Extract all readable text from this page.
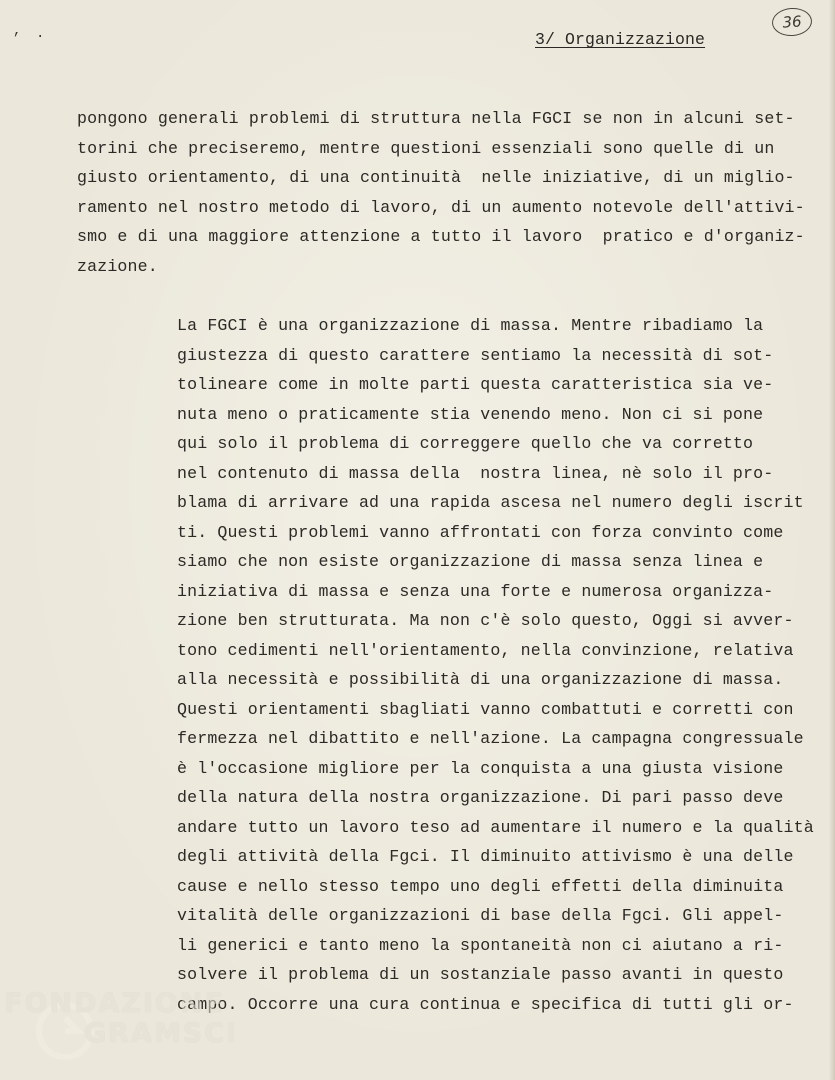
, ·	3/ Organizzazione
36
pongono generali problemi di struttura nella FGCI se non in alcuni set-
torini che preciseremo, mentre questioni essenziali sono quelle di un
giusto orientamento, di una continuità  nelle iniziative, di un miglio-
ramento nel nostro metodo di lavoro, di un aumento notevole dell'attivi-
smo e di una maggiore attenzione a tutto il lavoro  pratico e d'organiz-
zazione.
La FGCI è una organizzazione di massa. Mentre ribadiamo la
giustezza di questo carattere sentiamo la necessità di sot-
tolineare come in molte parti questa caratteristica sia ve-
nuta meno o praticamente stia venendo meno. Non ci si pone
qui solo il problema di correggere quello che va corretto
nel contenuto di massa della  nostra linea, nè solo il pro-
blama di arrivare ad una rapida ascesa nel numero degli iscrit
ti. Questi problemi vanno affrontati con forza convinto come
siamo che non esiste organizzazione di massa senza linea e
iniziativa di massa e senza una forte e numerosa organizza-
zione ben strutturata. Ma non c'è solo questo, Oggi si avver-
tono cedimenti nell'orientamento, nella convinzione, relativa
alla necessità e possibilità di una organizzazione di massa.
Questi orientamenti sbagliati vanno combattuti e corretti con
fermezza nel dibattito e nell'azione. La campagna congressuale
è l'occasione migliore per la conquista a una giusta visione
della natura della nostra organizzazione. Di pari passo deve
andare tutto un lavoro teso ad aumentare il numero e la qualità
degli attività della Fgci. Il diminuito attivismo è una delle
cause e nello stesso tempo uno degli effetti della diminuita
vitalità delle organizzazioni di base della Fgci. Gli appel-
li generici e tanto meno la spontaneità non ci aiutano a ri-
solvere il problema di un sostanziale passo avanti in questo
campo. Occorre una cura continua e specifica di tutti gli or-
FONDAZIONE
GRAMSCI
